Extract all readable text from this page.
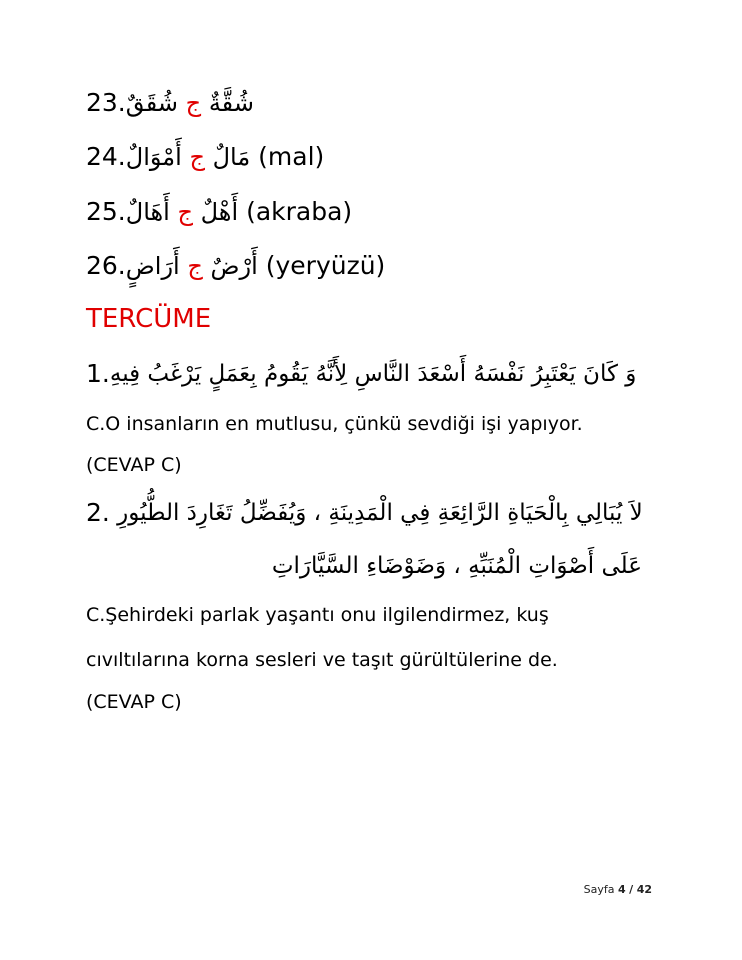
23.	شُقَّةٌ ج شُقَقٌ
24.	مَالٌ ج أَمْوَالٌ	(mal)
25.	أَهْلٌ ج أَهَالٌ	(akraba)
26.	أَرْضٌ ج أَرَاضٍ	(yeryüzü)
TERCÜME
1. وَ كَانَ يَعْتَبِرُ نَفْسَهُ أَسْعَدَ النَّاسِ لِأَنَّهُ يَقُومُ بِعَمَلٍ يَرْغَبُ فِيهِ
C.O insanların en mutlusu, çünkü sevdiği işi yapıyor.
(CEVAP C)
2.
لاَ يُبَالِي بِالْحَيَاةِ الرَّائِعَةِ فِي الْمَدِينَةِ ، وَيُفَضِّلُ تَغَارِدَ الطُّيُورِ
عَلَى أَصْوَاتِ الْمُنَبِّهِ ، وَضَوْضَاءِ السَّيَّارَاتِ
C.Şehirdeki parlak yaşantı onu ilgilendirmez, kuş
cıvıltılarına korna sesleri ve taşıt gürültülerine de.
(CEVAP C)
Sayfa 4 / 42
